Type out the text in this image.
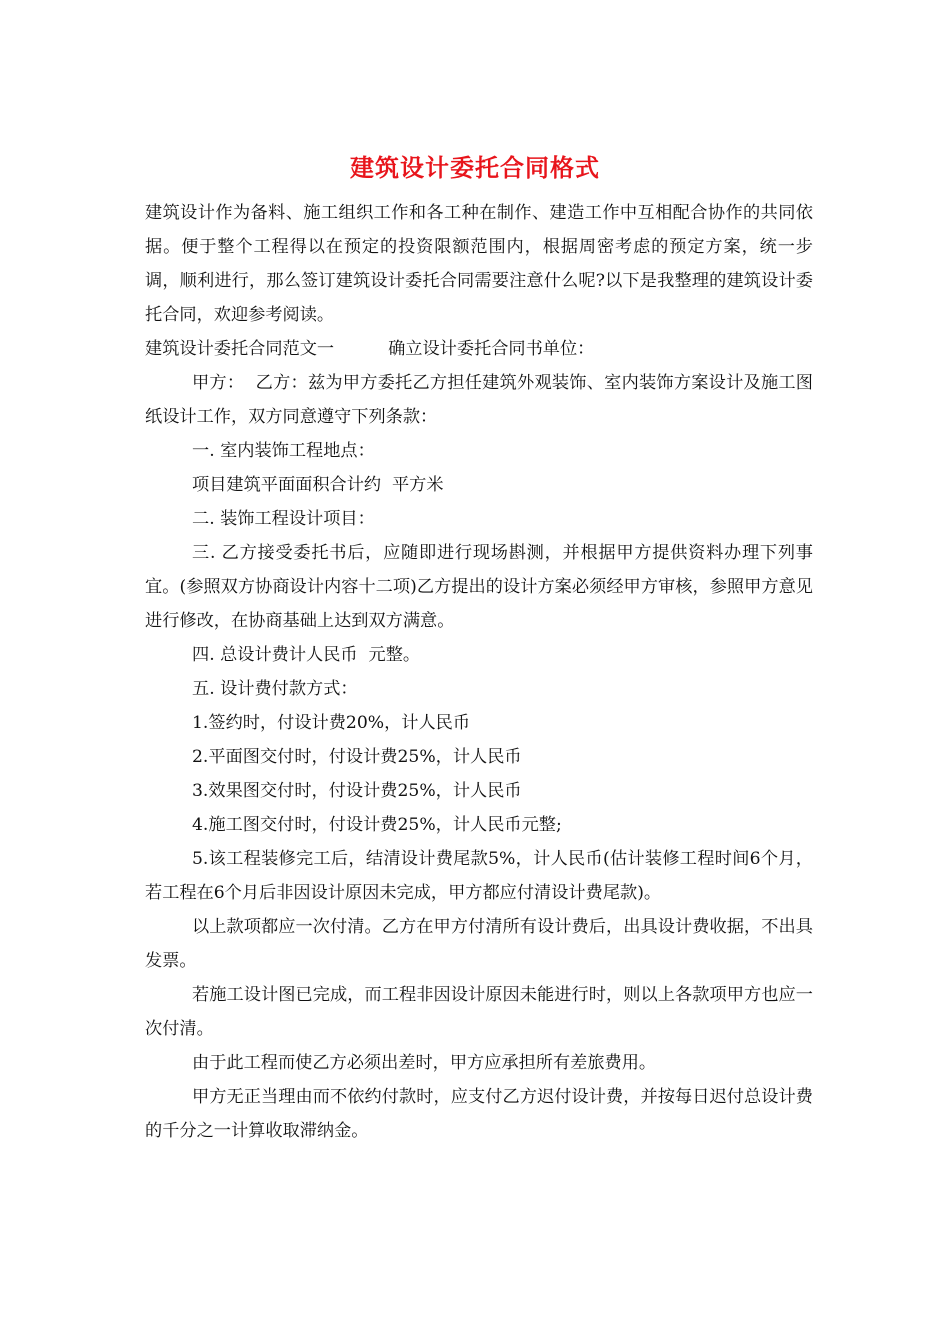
建筑设计委托合同格式

建筑设计作为备料、施工组织工作和各工种在制作、建造工作中互相配合协作的共同依据。便于整个工程得以在预定的投资限额范围内，根据周密考虑的预定方案，统一步调，顺利进行，那么签订建筑设计委托合同需要注意什么呢?以下是我整理的建筑设计委托合同，欢迎参考阅读。

建筑设计委托合同范文一	确立设计委托合同书单位：

甲方：  乙方：兹为甲方委托乙方担任建筑外观装饰、室内装饰方案设计及施工图纸设计工作，双方同意遵守下列条款：

一. 室内装饰工程地点：

项目建筑平面面积合计约  平方米

二. 装饰工程设计项目：

三. 乙方接受委托书后，应随即进行现场斟测，并根据甲方提供资料办理下列事宜。(参照双方协商设计内容十二项)乙方提出的设计方案必须经甲方审核，参照甲方意见进行修改，在协商基础上达到双方满意。

四. 总设计费计人民币  元整。

五. 设计费付款方式：

1.签约时，付设计费20%，计人民币

2.平面图交付时，付设计费25%，计人民币

3.效果图交付时，付设计费25%，计人民币

4.施工图交付时，付设计费25%，计人民币元整;

5.该工程装修完工后，结清设计费尾款5%，计人民币(估计装修工程时间6个月，若工程在6个月后非因设计原因未完成，甲方都应付清设计费尾款)。

以上款项都应一次付清。乙方在甲方付清所有设计费后，出具设计费收据，不出具发票。

若施工设计图已完成，而工程非因设计原因未能进行时，则以上各款项甲方也应一次付清。

由于此工程而使乙方必须出差时，甲方应承担所有差旅费用。

甲方无正当理由而不依约付款时，应支付乙方迟付设计费，并按每日迟付总设计费的千分之一计算收取滞纳金。
